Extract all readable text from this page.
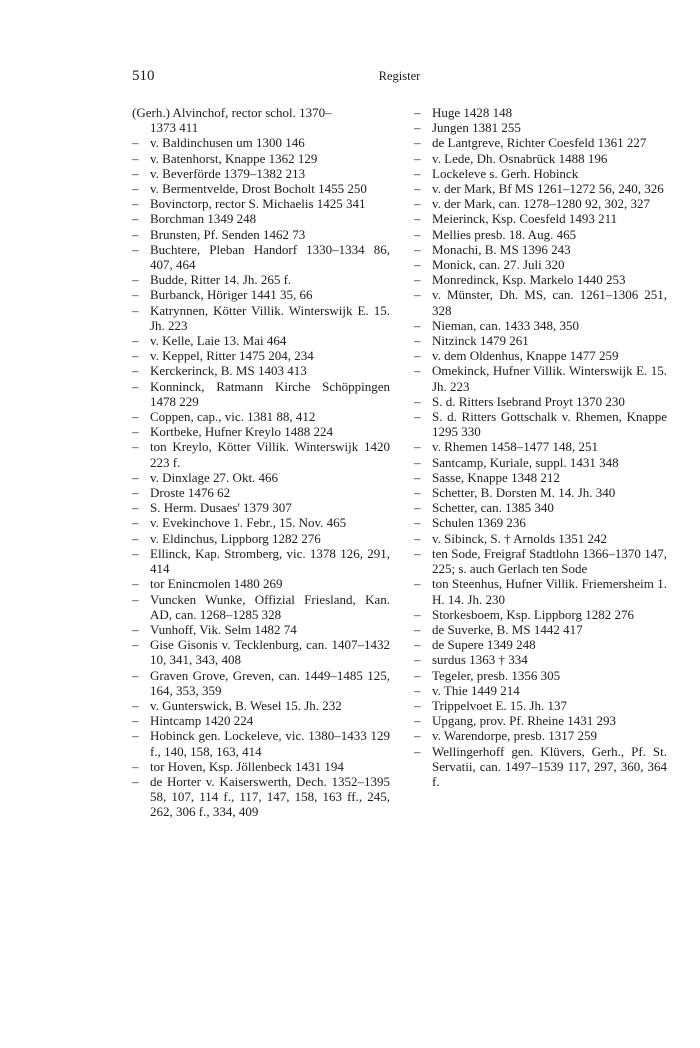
510	Register

(Gerh.) Alvinchof, rector schol. 1370–
1373 411

– v. Baldinchusen um 1300 146

– v. Batenhorst, Knappe 1362 129

– v. Beverförde 1379–1382 213

– v. Bermentvelde, Drost Bocholt 1455 250

– Bovinctorp, rector S. Michaelis 1425 341

– Borchman 1349 248

– Brunsten, Pf. Senden 1462 73

– Buchtere, Pleban Handorf 1330–1334 86, 407, 464

– Budde, Ritter 14. Jh. 265 f.

– Burbanck, Höriger 1441 35, 66

– Katrynnen, Kötter Villik. Winterswijk E. 15. Jh. 223

– v. Kelle, Laie 13. Mai 464

– v. Keppel, Ritter 1475 204, 234

– Kerckerinck, B. MS 1403 413

– Konninck, Ratmann Kirche Schöppingen 1478 229

– Coppen, cap., vic. 1381 88, 412

– Kortbeke, Hufner Kreylo 1488 224

– ton Kreylo, Kötter Villik. Winterswijk 1420 223 f.

– v. Dinxlage 27. Okt. 466

– Droste 1476 62

– S. Herm. Dusaes' 1379 307

– v. Evekinchove 1. Febr., 15. Nov. 465

– v. Eldinchus, Lippborg 1282 276

– Ellinck, Kap. Stromberg, vic. 1378 126, 291, 414

– tor Enincmolen 1480 269

– Vuncken Wunke, Offizial Friesland, Kan. AD, can. 1268–1285 328

– Vunhoff, Vik. Selm 1482 74

– Gise Gisonis v. Tecklenburg, can. 1407–1432 10, 341, 343, 408

– Graven Grove, Greven, can. 1449–1485 125, 164, 353, 359

– v. Gunterswick, B. Wesel 15. Jh. 232

– Hintcamp 1420 224

– Hobinck gen. Lockeleve, vic. 1380–1433 129 f., 140, 158, 163, 414

– tor Hoven, Ksp. Jöllenbeck 1431 194

– de Horter v. Kaiserswerth, Dech. 1352–1395 58, 107, 114 f., 117, 147, 158, 163 ff., 245, 262, 306 f., 334, 409

– Huge 1428 148

– Jungen 1381 255

– de Lantgreve, Richter Coesfeld 1361 227

– v. Lede, Dh. Osnabrück 1488 196

– Lockeleve s. Gerh. Hobinck

– v. der Mark, Bf MS 1261–1272 56, 240, 326

– v. der Mark, can. 1278–1280 92, 302, 327

– Meierinck, Ksp. Coesfeld 1493 211

– Mellies presb. 18. Aug. 465

– Monachi, B. MS 1396 243

– Monick, can. 27. Juli 320

– Monredinck, Ksp. Markelo 1440 253

– v. Münster, Dh. MS, can. 1261–1306 251, 328

– Nieman, can. 1433 348, 350

– Nitzinck 1479 261

– v. dem Oldenhus, Knappe 1477 259

– Omekinck, Hufner Villik. Winterswijk E. 15. Jh. 223

– S. d. Ritters Isebrand Proyt 1370 230

– S. d. Ritters Gottschalk v. Rhemen, Knappe 1295 330

– v. Rhemen 1458–1477 148, 251

– Santcamp, Kuriale, suppl. 1431 348

– Sasse, Knappe 1348 212

– Schetter, B. Dorsten M. 14. Jh. 340

– Schetter, can. 1385 340

– Schulen 1369 236

– v. Sibinck, S. † Arnolds 1351 242

– ten Sode, Freigraf Stadtlohn 1366–1370 147, 225; s. auch Gerlach ten Sode

– ton Steenhus, Hufner Villik. Friemersheim 1. H. 14. Jh. 230

– Storkesboem, Ksp. Lippborg 1282 276

– de Suverke, B. MS 1442 417

– de Supere 1349 248

– surdus 1363 † 334

– Tegeler, presb. 1356 305

– v. Thie 1449 214

– Trippelvoet E. 15. Jh. 137

– Upgang, prov. Pf. Rheine 1431 293

– v. Warendorpe, presb. 1317 259

– Wellingerhoff gen. Klüvers, Gerh., Pf. St. Servatii, can. 1497–1539 117, 297, 360, 364 f.
